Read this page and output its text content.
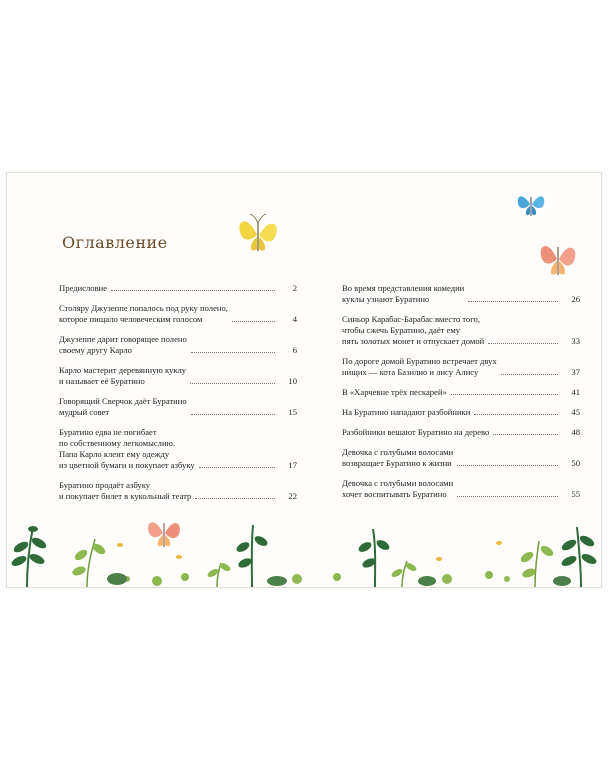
Оглавление
Предисловие	2
Столяру Джузеппе попалось под руку полено,
которое пищало человеческим голосом	4
Джузеппе дарит говорящее полено
своему другу Карло	6
Карло мастерит деревянную куклу
и называет её Буратино	10
Говорящий Сверчок даёт Буратино
мудрый совет	15
Буратино едва не погибает
по собственному легкомыслию.
Папа Карло клеит ему одежду
из цветной бумаги и покупает азбуку	17
Буратино продаёт азбуку
и покупает билет в кукольный театр	22
Во время представления комедии
куклы узнают Буратино	26
Синьор Карабас-Барабас вместо того,
чтобы сжечь Буратино, даёт ему
пять золотых монет и отпускает домой	33
По дороге домой Буратино встречает двух
нищих — кота Базилио и лису Алису	37
В «Харчевне трёх пескарей»	41
На Буратино нападают разбойники	45
Разбойники вешают Буратино на дерево	48
Девочка с голубыми волосами
возвращает Буратино к жизни	50
Девочка с голубыми волосами
хочет воспитывать Буратино	55
